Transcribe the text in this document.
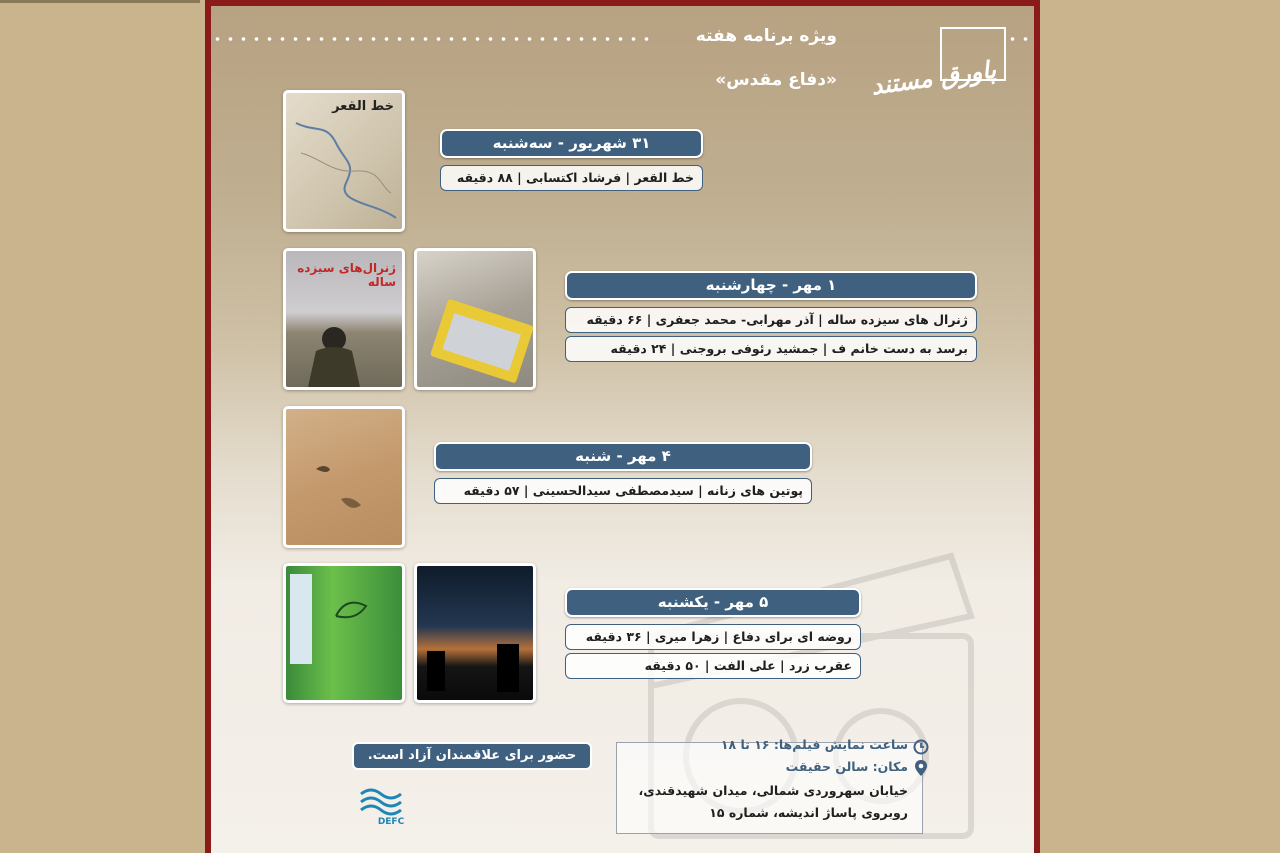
ویژه برنامه هفته
«دفاع مقدس» پاورق مستند
خط القعر
ژنرال‌های سیزده ساله
۳۱ شهریور - سه‌شنبه
خط القعر | فرشاد اکتسابی | ۸۸ دقیقه
۱ مهر - چهارشنبه
ژنرال های سیزده ساله | آذر مهرابی- محمد جعفری | ۶۶ دقیقه
برسد به دست خانم ف | جمشید رئوفی بروجنی | ۲۴ دقیقه
۴ مهر - شنبه
پوتین های زنانه | سیدمصطفی سیدالحسینی | ۵۷ دقیقه
۵ مهر - یکشنبه
روضه ای برای دفاع | زهرا میری | ۳۶ دقیقه
عقرب زرد | علی الفت | ۵۰ دقیقه
حضور برای علاقمندان آزاد است.
DEFC
ساعت نمایش فیلم‌ها: ۱۶ تا ۱۸
مکان: سالن حقیقت
خیابان سهروردی شمالی، میدان شهیدقندی،
روبروی پاساژ اندیشه، شماره ۱۵
